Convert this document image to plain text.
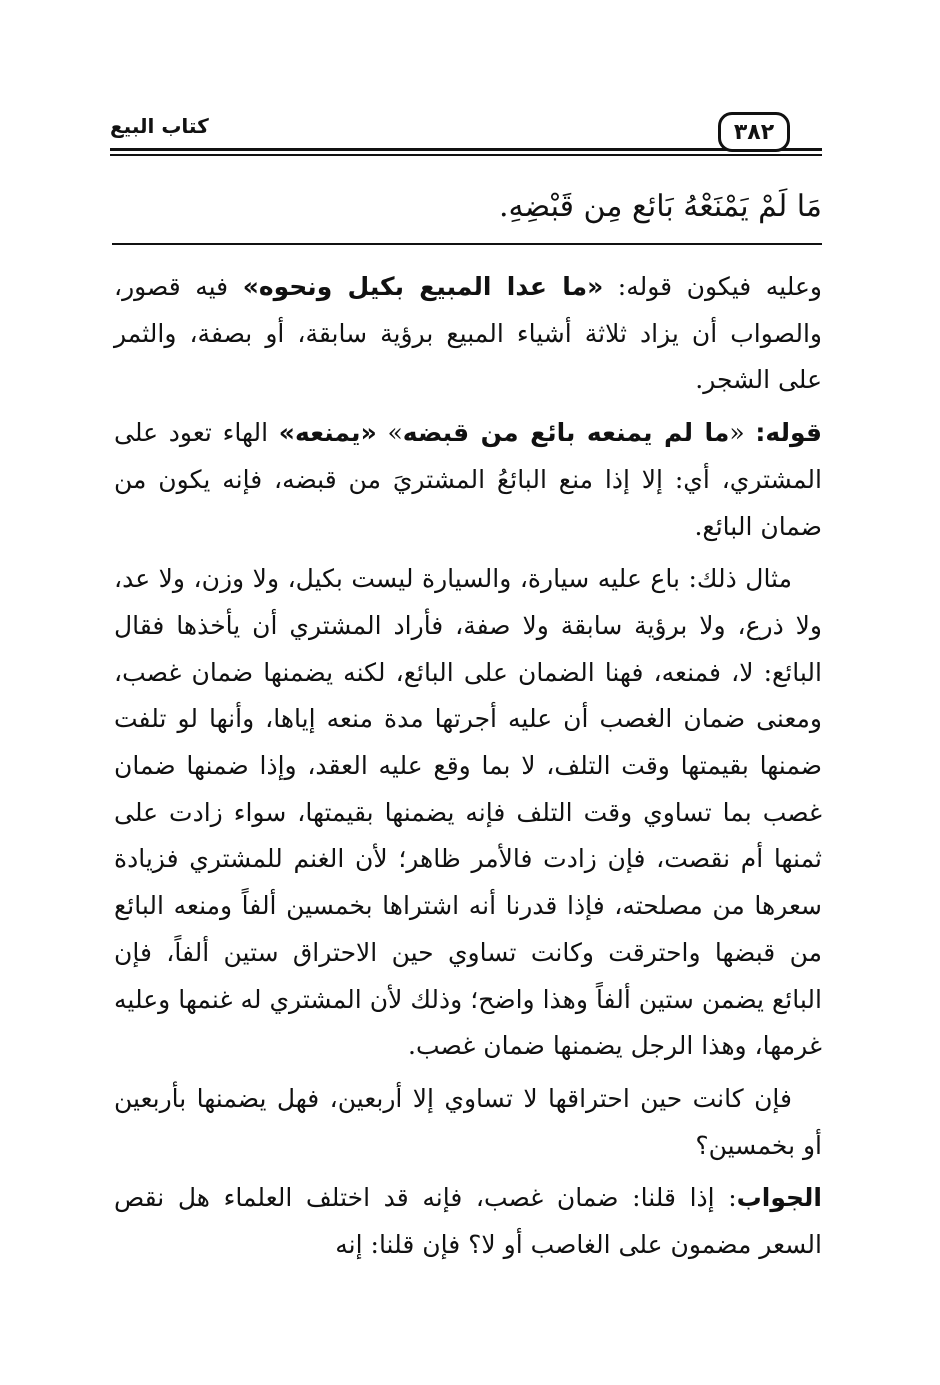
٣٨٢
كتاب البيع
مَا لَمْ يَمْنَعْهُ بَائع مِن قَبْضِهِ.

وعليه فيكون قوله: «ما عدا المبيع بكيل ونحوه» فيه قصور، والصواب أن يزاد ثلاثة أشياء المبيع برؤية سابقة، أو بصفة، والثمر على الشجر.

قوله: «ما لم يمنعه بائع من قبضه» «يمنعه» الهاء تعود على المشتري، أي: إلا إذا منع البائعُ المشتريَ من قبضه، فإنه يكون من ضمان البائع.

مثال ذلك: باع عليه سيارة، والسيارة ليست بكيل، ولا وزن، ولا عد، ولا ذرع، ولا برؤية سابقة ولا صفة، فأراد المشتري أن يأخذها فقال البائع: لا، فمنعه، فهنا الضمان على البائع، لكنه يضمنها ضمان غصب، ومعنى ضمان الغصب أن عليه أجرتها مدة منعه إياها، وأنها لو تلفت ضمنها بقيمتها وقت التلف، لا بما وقع عليه العقد، وإذا ضمنها ضمان غصب بما تساوي وقت التلف فإنه يضمنها بقيمتها، سواء زادت على ثمنها أم نقصت، فإن زادت فالأمر ظاهر؛ لأن الغنم للمشتري فزيادة سعرها من مصلحته، فإذا قدرنا أنه اشتراها بخمسين ألفاً ومنعه البائع من قبضها واحترقت وكانت تساوي حين الاحتراق ستين ألفاً، فإن البائع يضمن ستين ألفاً وهذا واضح؛ وذلك لأن المشتري له غنمها وعليه غرمها، وهذا الرجل يضمنها ضمان غصب.

فإن كانت حين احتراقها لا تساوي إلا أربعين، فهل يضمنها بأربعين أو بخمسين؟

الجواب: إذا قلنا: ضمان غصب، فإنه قد اختلف العلماء هل نقص السعر مضمون على الغاصب أو لا؟ فإن قلنا: إنه
